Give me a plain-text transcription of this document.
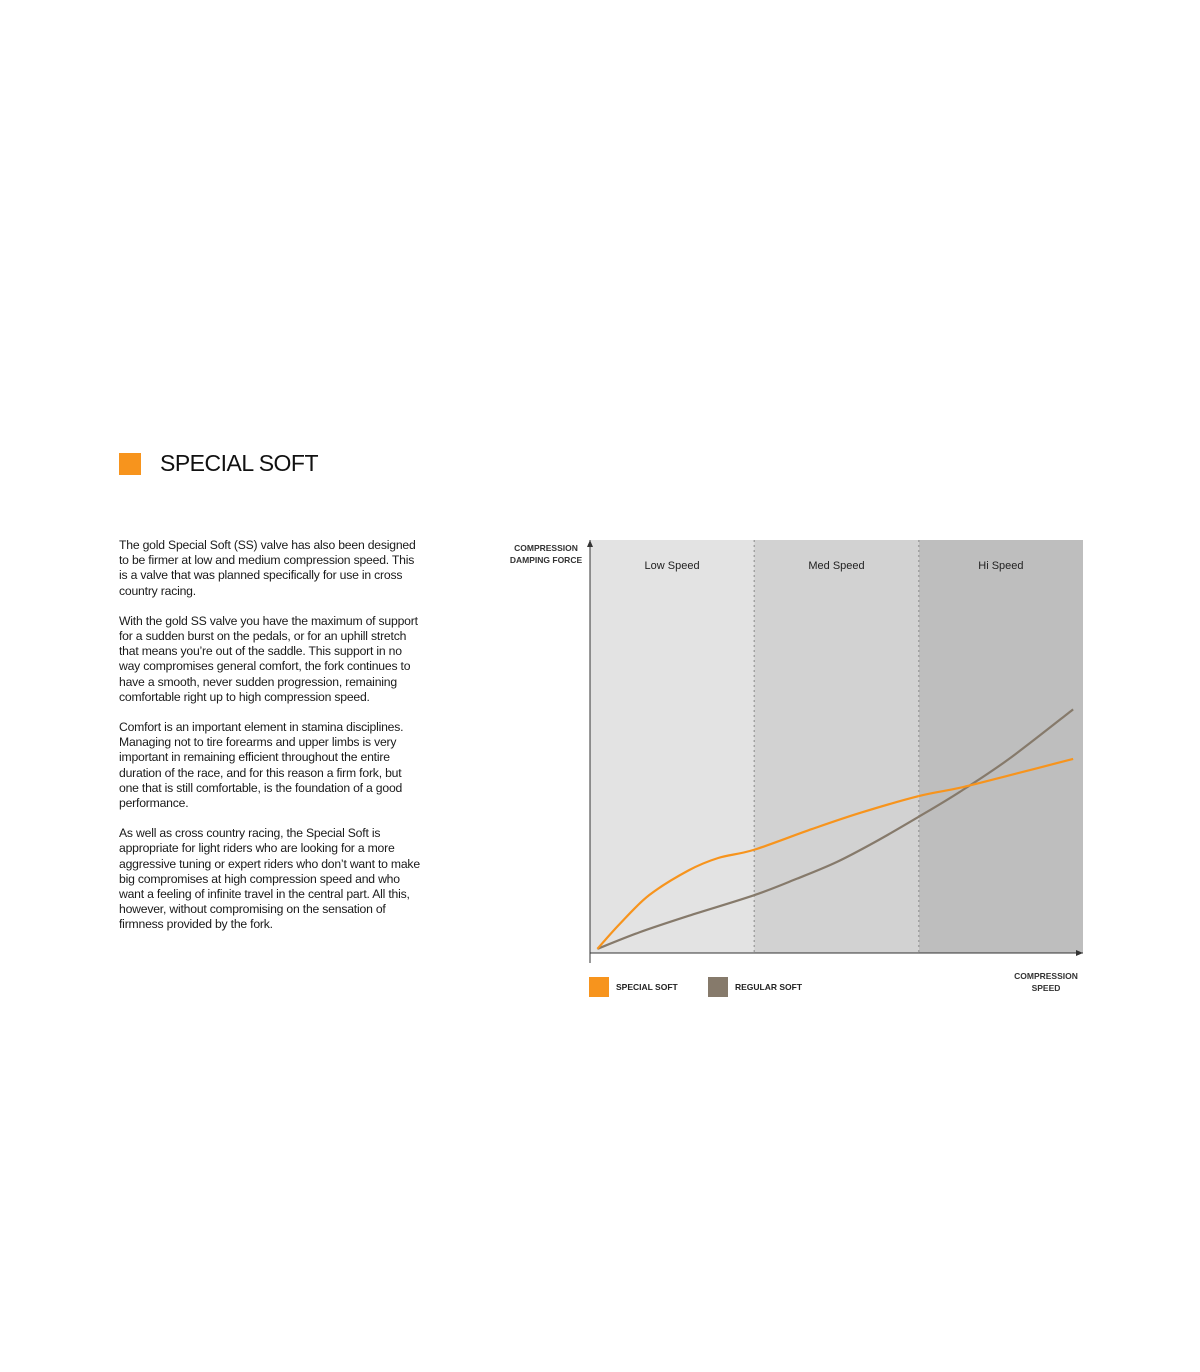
SPECIAL SOFT

The gold Special Soft (SS) valve has also been designed to be firmer at low and medium compression speed. This is a valve that was planned specifically for use in cross country racing.

With the gold SS valve you have the maximum of support for a sudden burst on the pedals, or for an uphill stretch that means you’re out of the saddle. This support in no way compromises general comfort, the fork continues to have a smooth, never sudden progression, remaining comfortable right up to high compression speed.

Comfort is an important element in stamina disciplines. Managing not to tire forearms and upper limbs is very important in remaining efficient throughout the entire duration of the race, and for this reason a firm fork, but one that is still comfortable, is the foundation of a good performance.

As well as cross country racing, the Special Soft is appropriate for light riders who are looking for a more aggressive tuning or expert riders who don’t want to make big compromises at high compression speed and who want a feeling of infinite travel in the central part. All this, however, without compromising on the sensation of firmness provided by the fork.

COMPRESSION DAMPING FORCE
COMPRESSION SPEED
Low Speed	Med Speed	Hi Speed
SPECIAL SOFT	REGULAR SOFT
